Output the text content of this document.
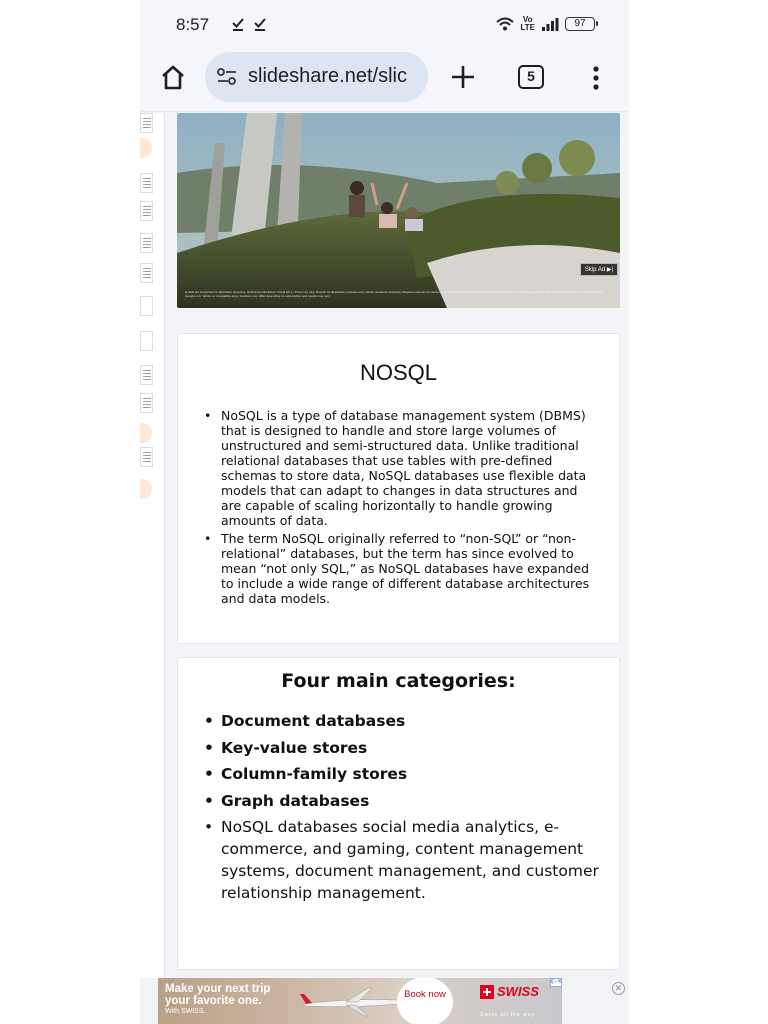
8:57	Vo
LTE	97
slideshare.net/slic	5
Skip Ad ▶|
Emails are supported for illustration purposes, timeframes illustrated. Actual EX-L / Pixel may vary. Results for illustrative purposes only. Check results for accuracy. Requires internet connection. Google account required. Features availability vary by country, language and device. Google and Pixel are trademarks of Google LLC. Works on compatible apps. Features may differ depending on subscription and results may vary.
NOSQL
• NoSQL is a type of database management system (DBMS) that is designed to handle and store large volumes of unstructured and semi-structured data. Unlike traditional relational databases that use tables with pre-defined schemas to store data, NoSQL databases use flexible data models that can adapt to changes in data structures and are capable of scaling horizontally to handle growing amounts of data.
• The term NoSQL originally referred to “non-SQL” or “non-relational” databases, but the term has since evolved to mean “not only SQL,” as NoSQL databases have expanded to include a wide range of different database architectures and data models.
Four main categories:
• Document databases
• Key-value stores
• Column-family stores
• Graph databases
• NoSQL databases social media analytics, e-commerce, and gaming, content management systems, document management, and customer relationship management.
Make your next trip your favorite one.
With SWISS.
Book now	SWISS
Swiss all the way
i▷✕
✕
